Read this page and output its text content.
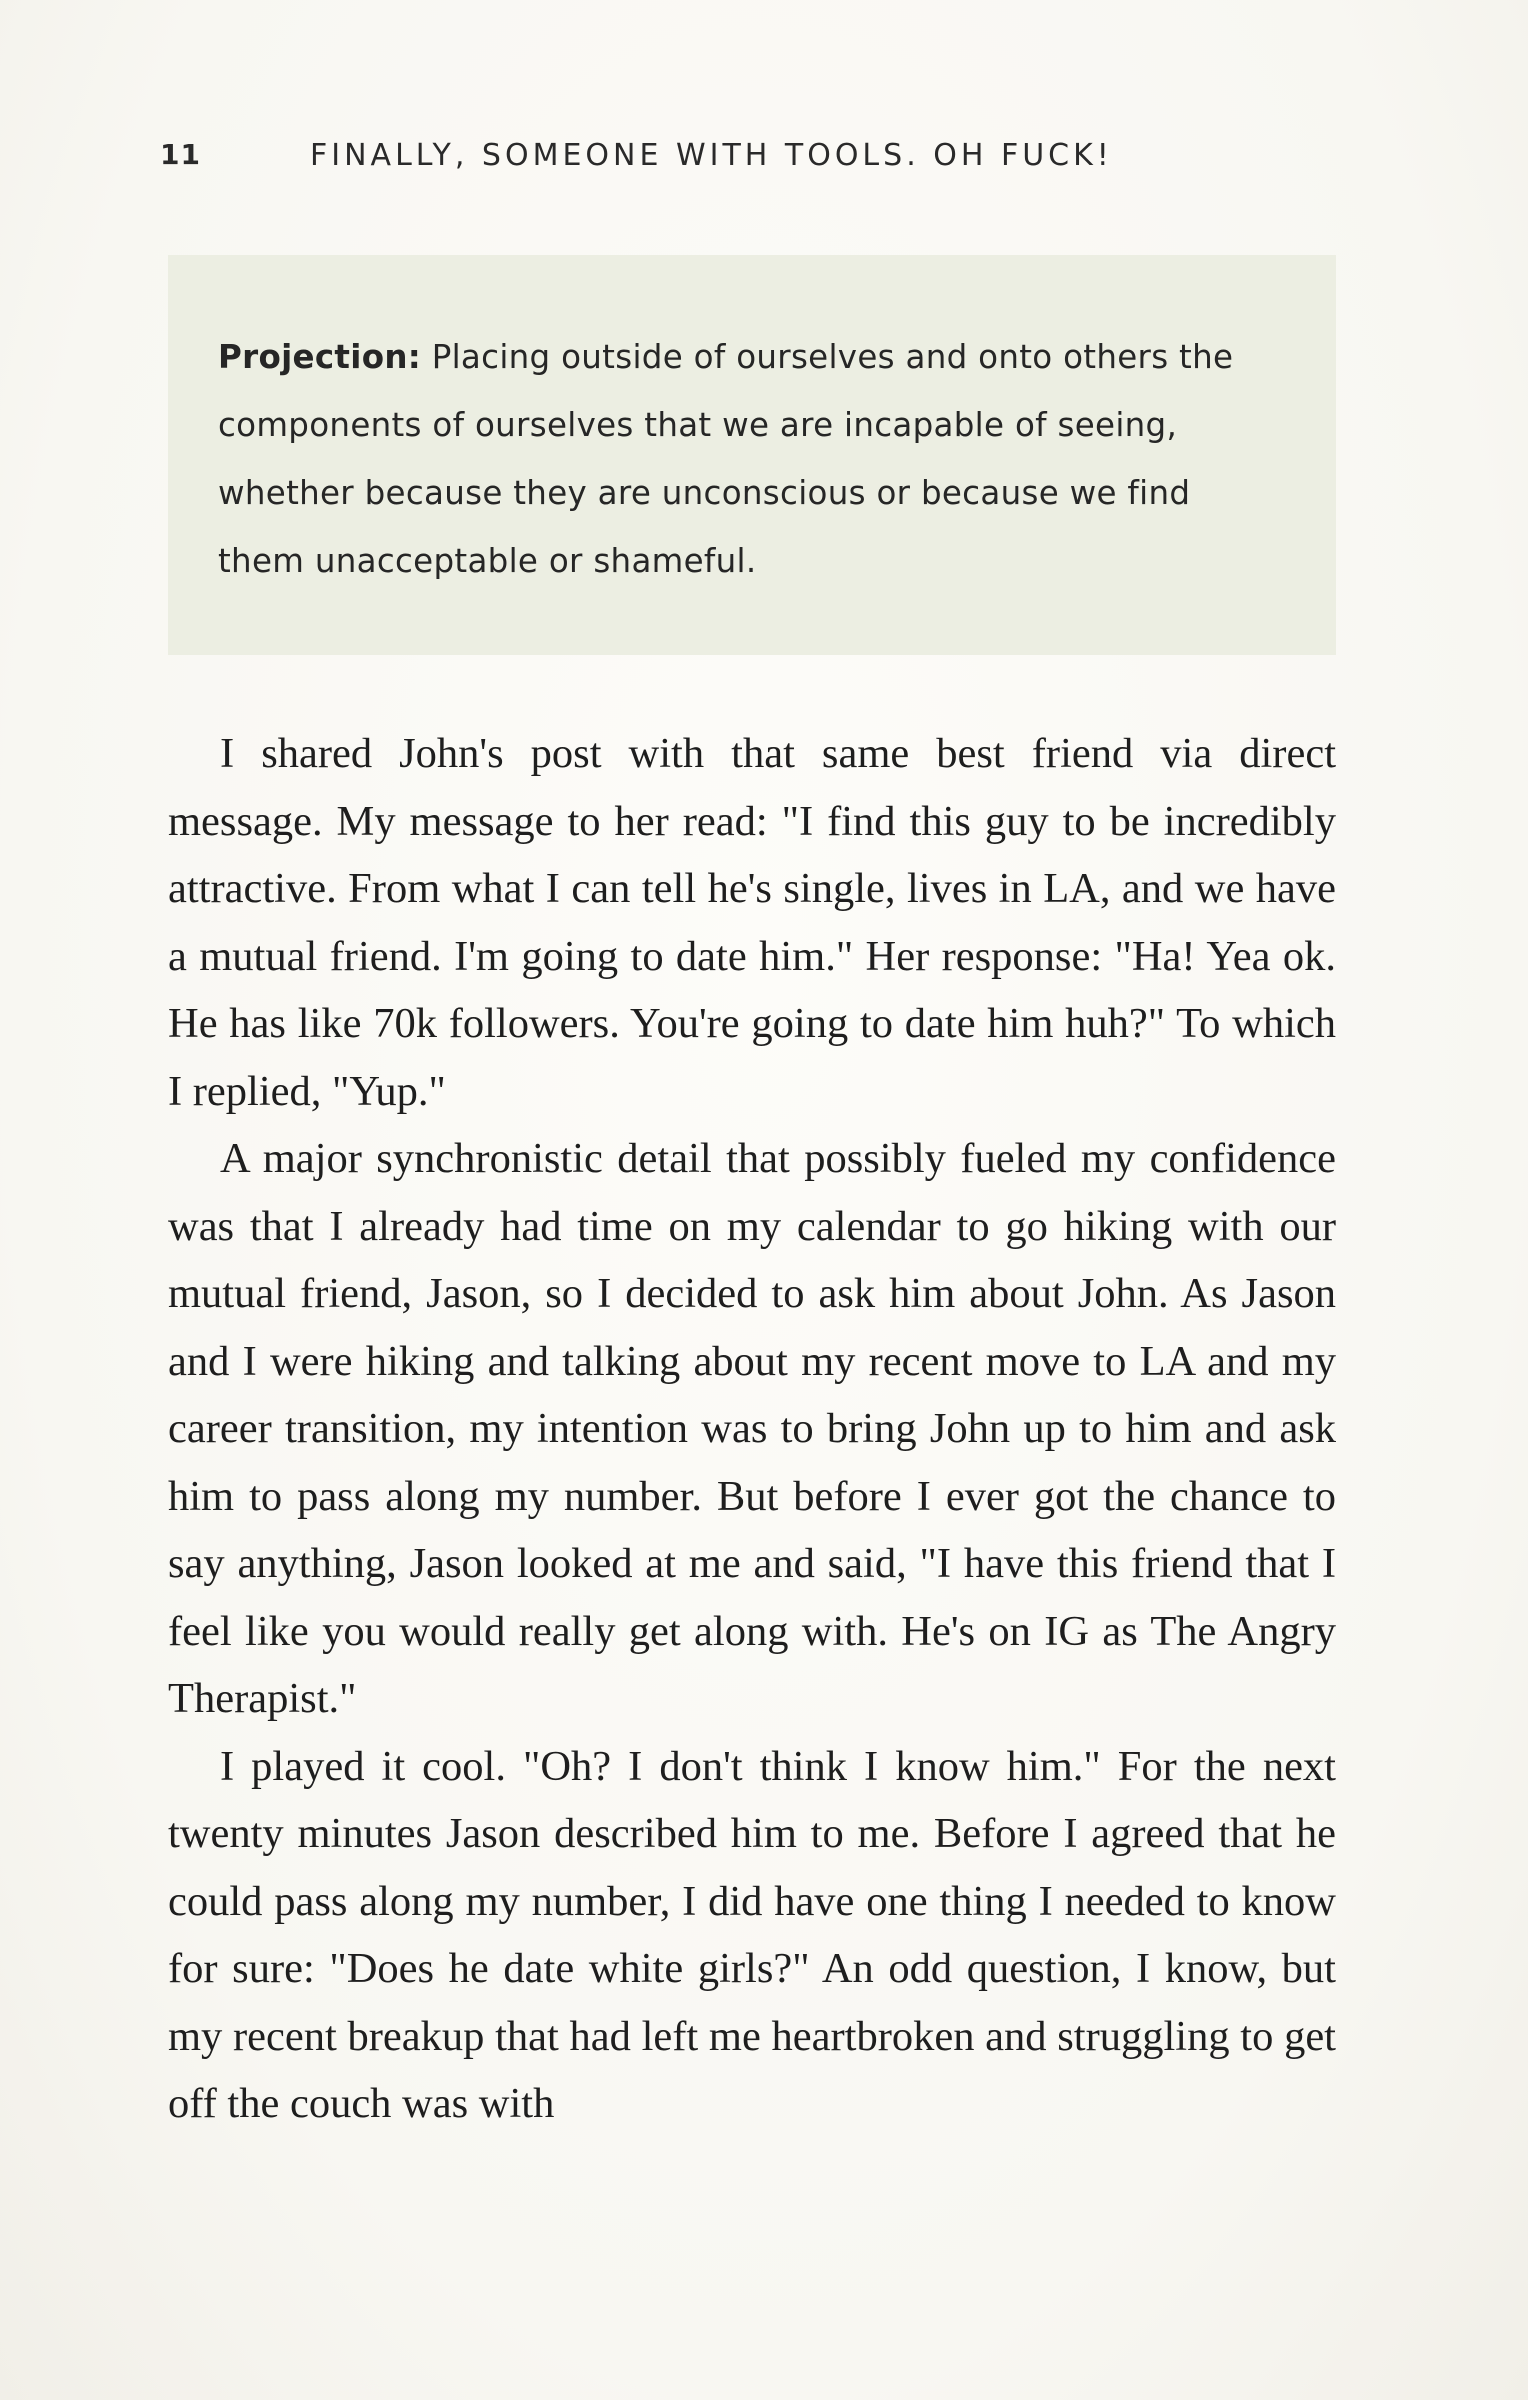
11	FINALLY, SOMEONE WITH TOOLS. OH FUCK!

Projection: Placing outside of ourselves and onto others the components of ourselves that we are incapable of seeing, whether because they are unconscious or because we find them unacceptable or shameful.

I shared John's post with that same best friend via direct message. My message to her read: "I find this guy to be incredibly attractive. From what I can tell he's single, lives in LA, and we have a mutual friend. I'm going to date him." Her response: "Ha! Yea ok. He has like 70k followers. You're going to date him huh?" To which I replied, "Yup."

A major synchronistic detail that possibly fueled my confidence was that I already had time on my calendar to go hiking with our mutual friend, Jason, so I decided to ask him about John. As Jason and I were hiking and talking about my recent move to LA and my career transition, my intention was to bring John up to him and ask him to pass along my number. But before I ever got the chance to say anything, Jason looked at me and said, "I have this friend that I feel like you would really get along with. He's on IG as The Angry Therapist."

I played it cool. "Oh? I don't think I know him." For the next twenty minutes Jason described him to me. Before I agreed that he could pass along my number, I did have one thing I needed to know for sure: "Does he date white girls?" An odd question, I know, but my recent breakup that had left me heartbroken and struggling to get off the couch was with
